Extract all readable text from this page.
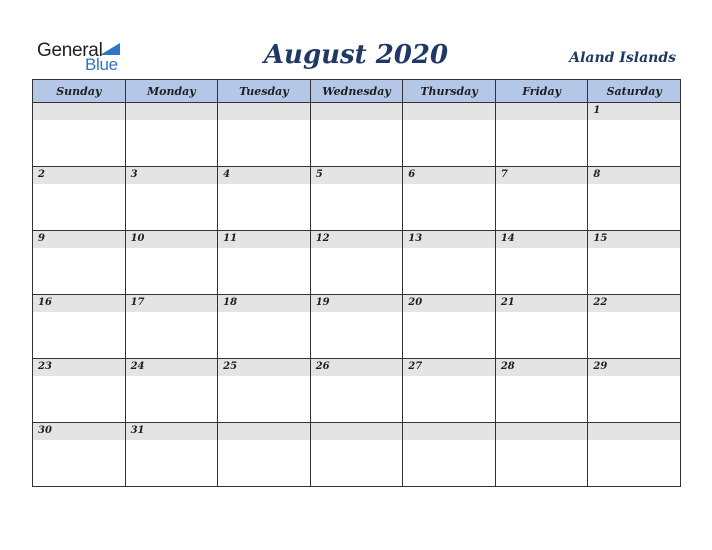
General
Blue	August 2020	Aland Islands
Sunday	Monday	Tuesday	Wednesday	Thursday	Friday	Saturday

						1

2	3	4	5	6	7	8

9	10	11	12	13	14	15

16	17	18	19	20	21	22

23	24	25	26	27	28	29

30	31					
